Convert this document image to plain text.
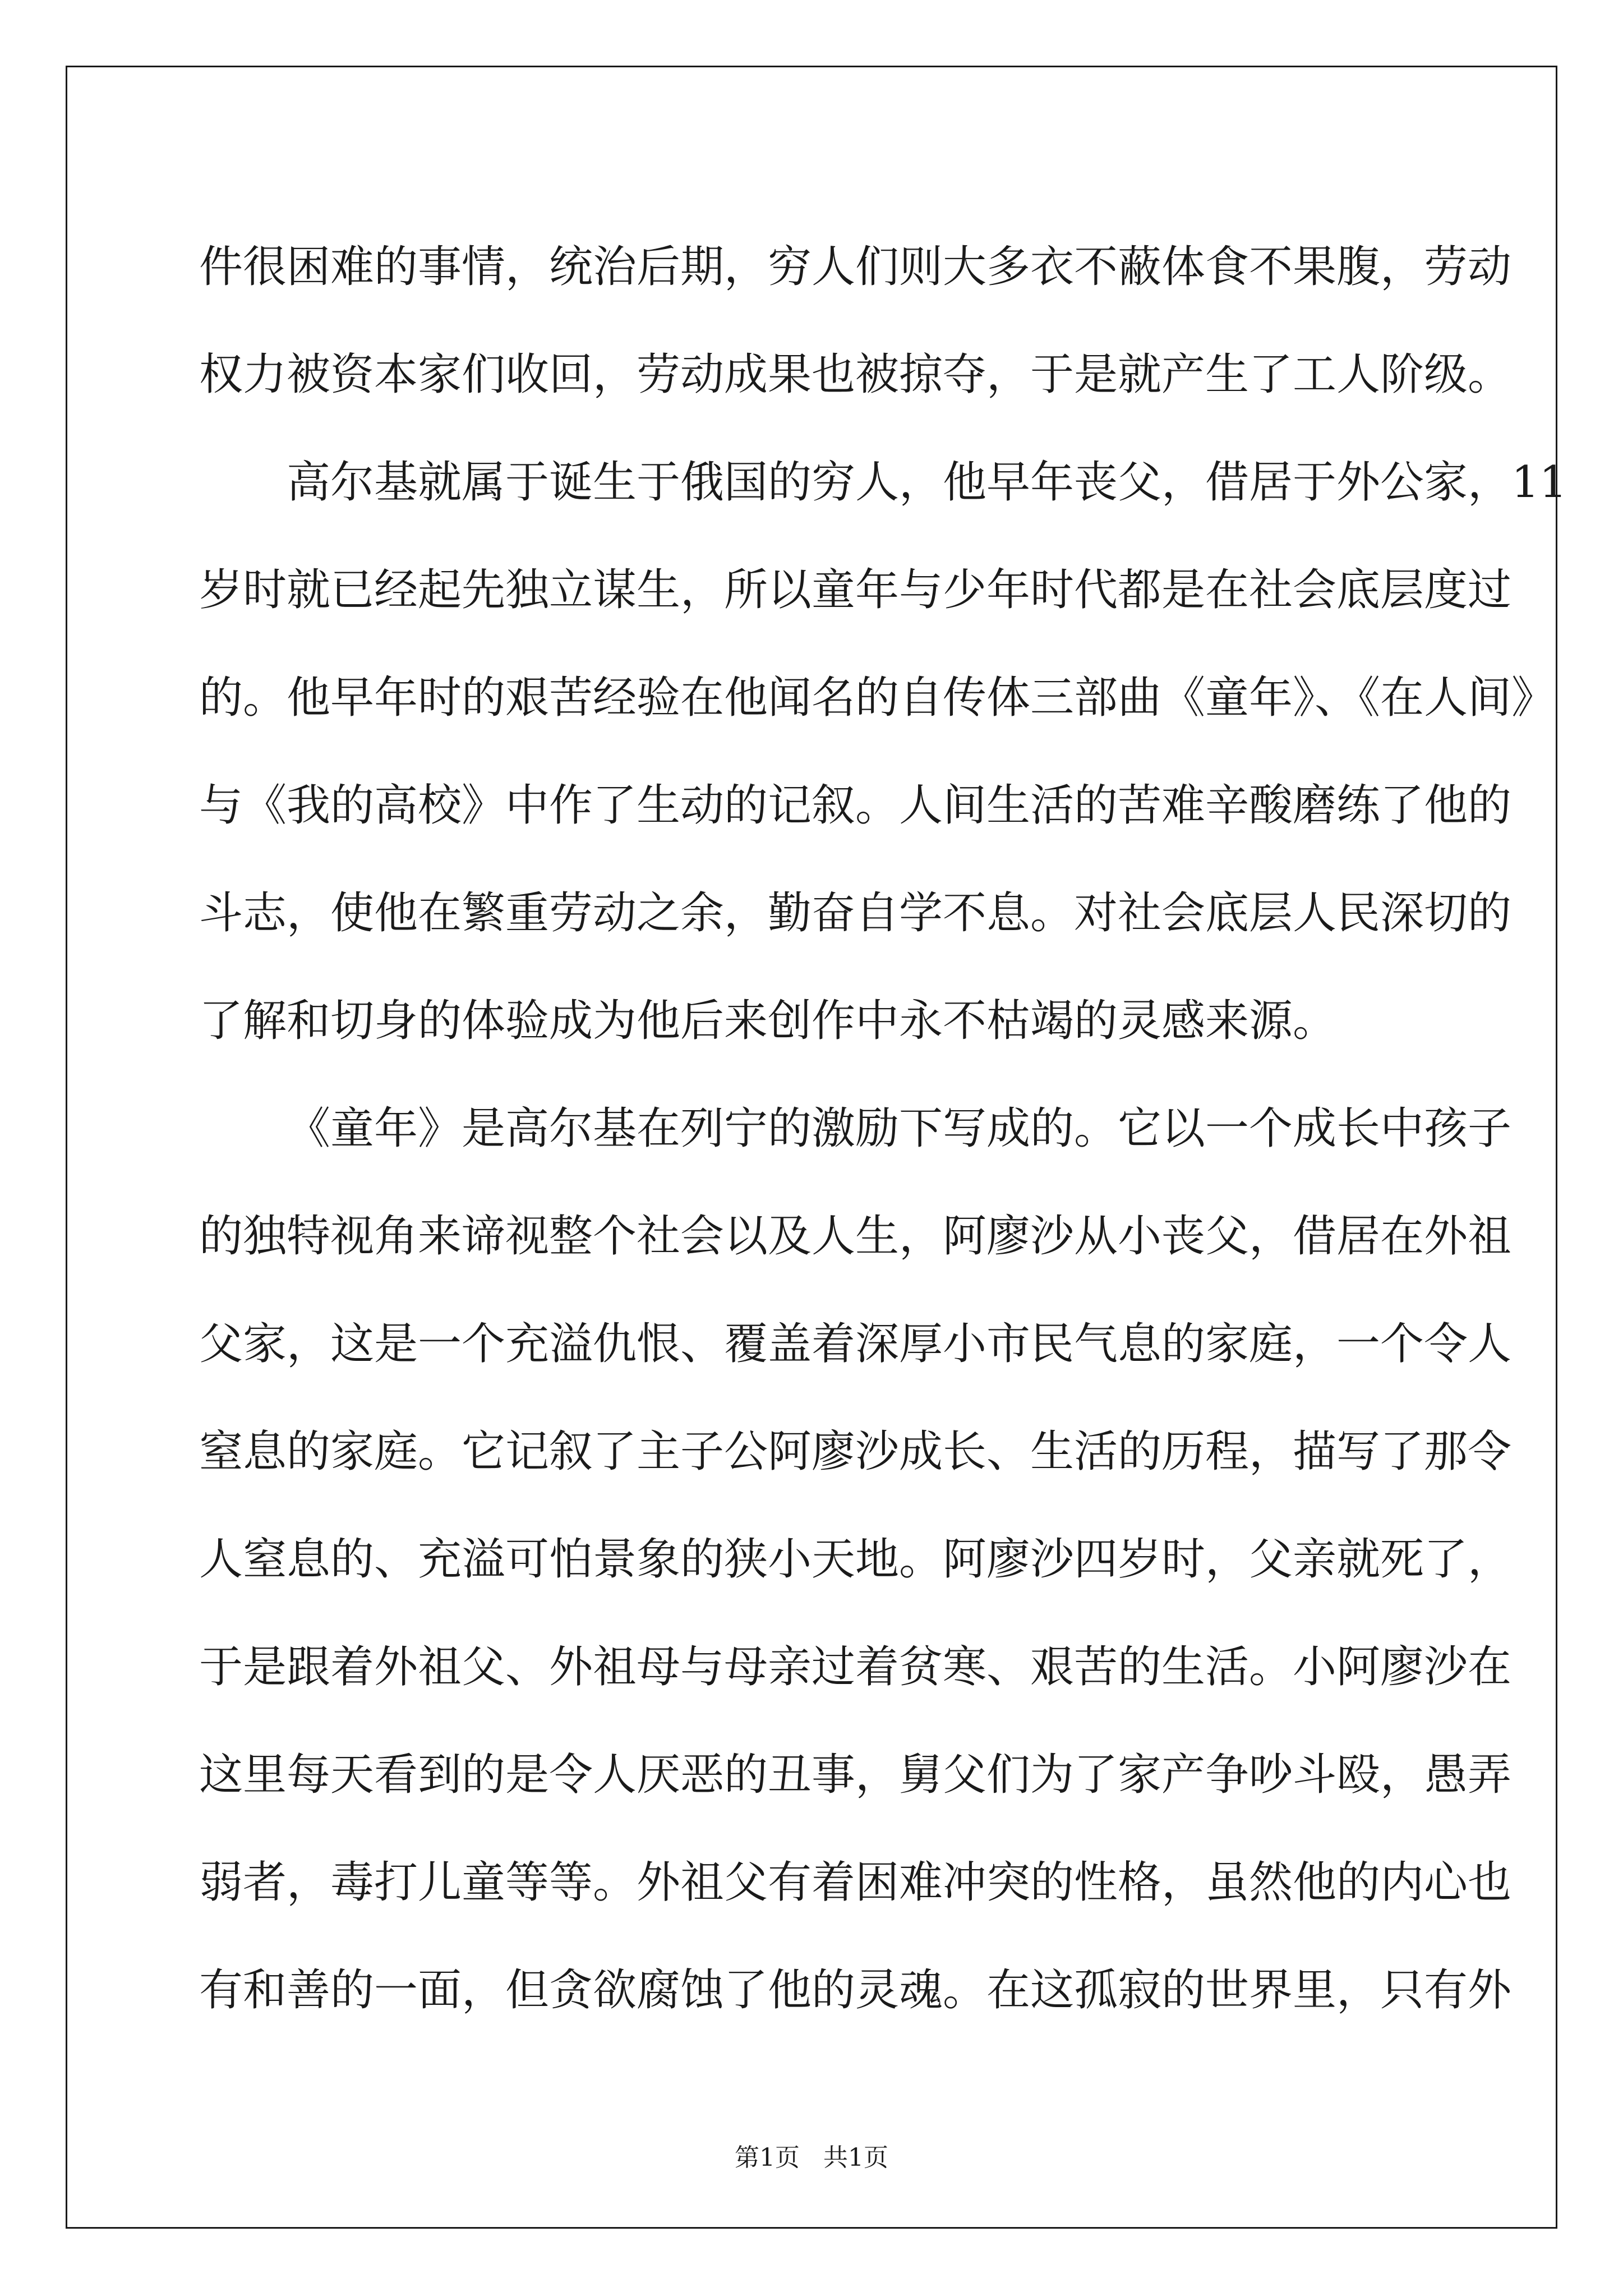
件很困难的事情，统治后期，穷人们则大多衣不蔽体食不果腹，劳动
权力被资本家们收回，劳动成果也被掠夺，于是就产生了工人阶级。
高尔基就属于诞生于俄国的穷人，他早年丧父，借居于外公家，11
岁时就已经起先独立谋生，所以童年与少年时代都是在社会底层度过
的。他早年时的艰苦经验在他闻名的自传体三部曲《童年》、《在人间》
与《我的高校》中作了生动的记叙。人间生活的苦难辛酸磨练了他的
斗志，使他在繁重劳动之余，勤奋自学不息。对社会底层人民深切的
了解和切身的体验成为他后来创作中永不枯竭的灵感来源。
《童年》是高尔基在列宁的激励下写成的。它以一个成长中孩子
的独特视角来谛视整个社会以及人生，阿廖沙从小丧父，借居在外祖
父家，这是一个充溢仇恨、覆盖着深厚小市民气息的家庭，一个令人
窒息的家庭。它记叙了主子公阿廖沙成长、生活的历程，描写了那令
人窒息的、充溢可怕景象的狭小天地。阿廖沙四岁时，父亲就死了，
于是跟着外祖父、外祖母与母亲过着贫寒、艰苦的生活。小阿廖沙在
这里每天看到的是令人厌恶的丑事，舅父们为了家产争吵斗殴，愚弄
弱者，毒打儿童等等。外祖父有着困难冲突的性格，虽然他的内心也
有和善的一面，但贪欲腐蚀了他的灵魂。在这孤寂的世界里，只有外
第1页   共1页
